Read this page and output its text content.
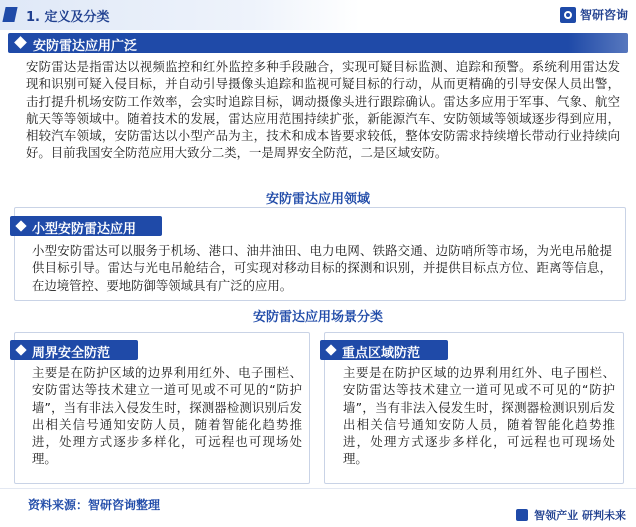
1. 定义及分类	智研咨询
安防雷达应用广泛

安防雷达是指雷达以视频监控和红外监控多种手段融合，实现可疑目标监测、追踪和预警。系统利用雷达发现和识别可疑入侵目标，并自动引导摄像头追踪和监视可疑目标的行动，从而更精确的引导安保人员出警，击打提升机场安防工作效率，会实时追踪目标，调动摄像头进行跟踪确认。雷达多应用于军事、气象、航空航天等等领域中。随着技术的发展，雷达应用范围持续扩张，新能源汽车、安防领域等领域逐步得到应用，相较汽车领域，安防雷达以小型产品为主，技术和成本皆要求较低，整体安防需求持续增长带动行业持续向好。目前我国安全防范应用大致分二类，一是周界安全防范，二是区域安防。

安防雷达应用领域
小型安防雷达应用

小型安防雷达可以服务于机场、港口、油井油田、电力电网、铁路交通、边防哨所等市场，为光电吊舱提供目标引导。雷达与光电吊舱结合，可实现对移动目标的探测和识别，并提供目标点方位、距离等信息，在边境管控、要地防御等领域具有广泛的应用。

安防雷达应用场景分类
周界安全防范

主要是在防护区域的边界利用红外、电子围栏、安防雷达等技术建立一道可见或不可见的“防护墙”，当有非法入侵发生时，探测器检测识别后发出相关信号通知安防人员，随着智能化趋势推进，处理方式逐步多样化，可远程也可现场处理。

重点区域防范

主要是在防护区域的边界利用红外、电子围栏、安防雷达等技术建立一道可见或不可见的“防护墙”，当有非法入侵发生时，探测器检测识别后发出相关信号通知安防人员，随着智能化趋势推进，处理方式逐步多样化，可远程也可现场处理。

资料来源：智研咨询整理
智领产业 研判未来
